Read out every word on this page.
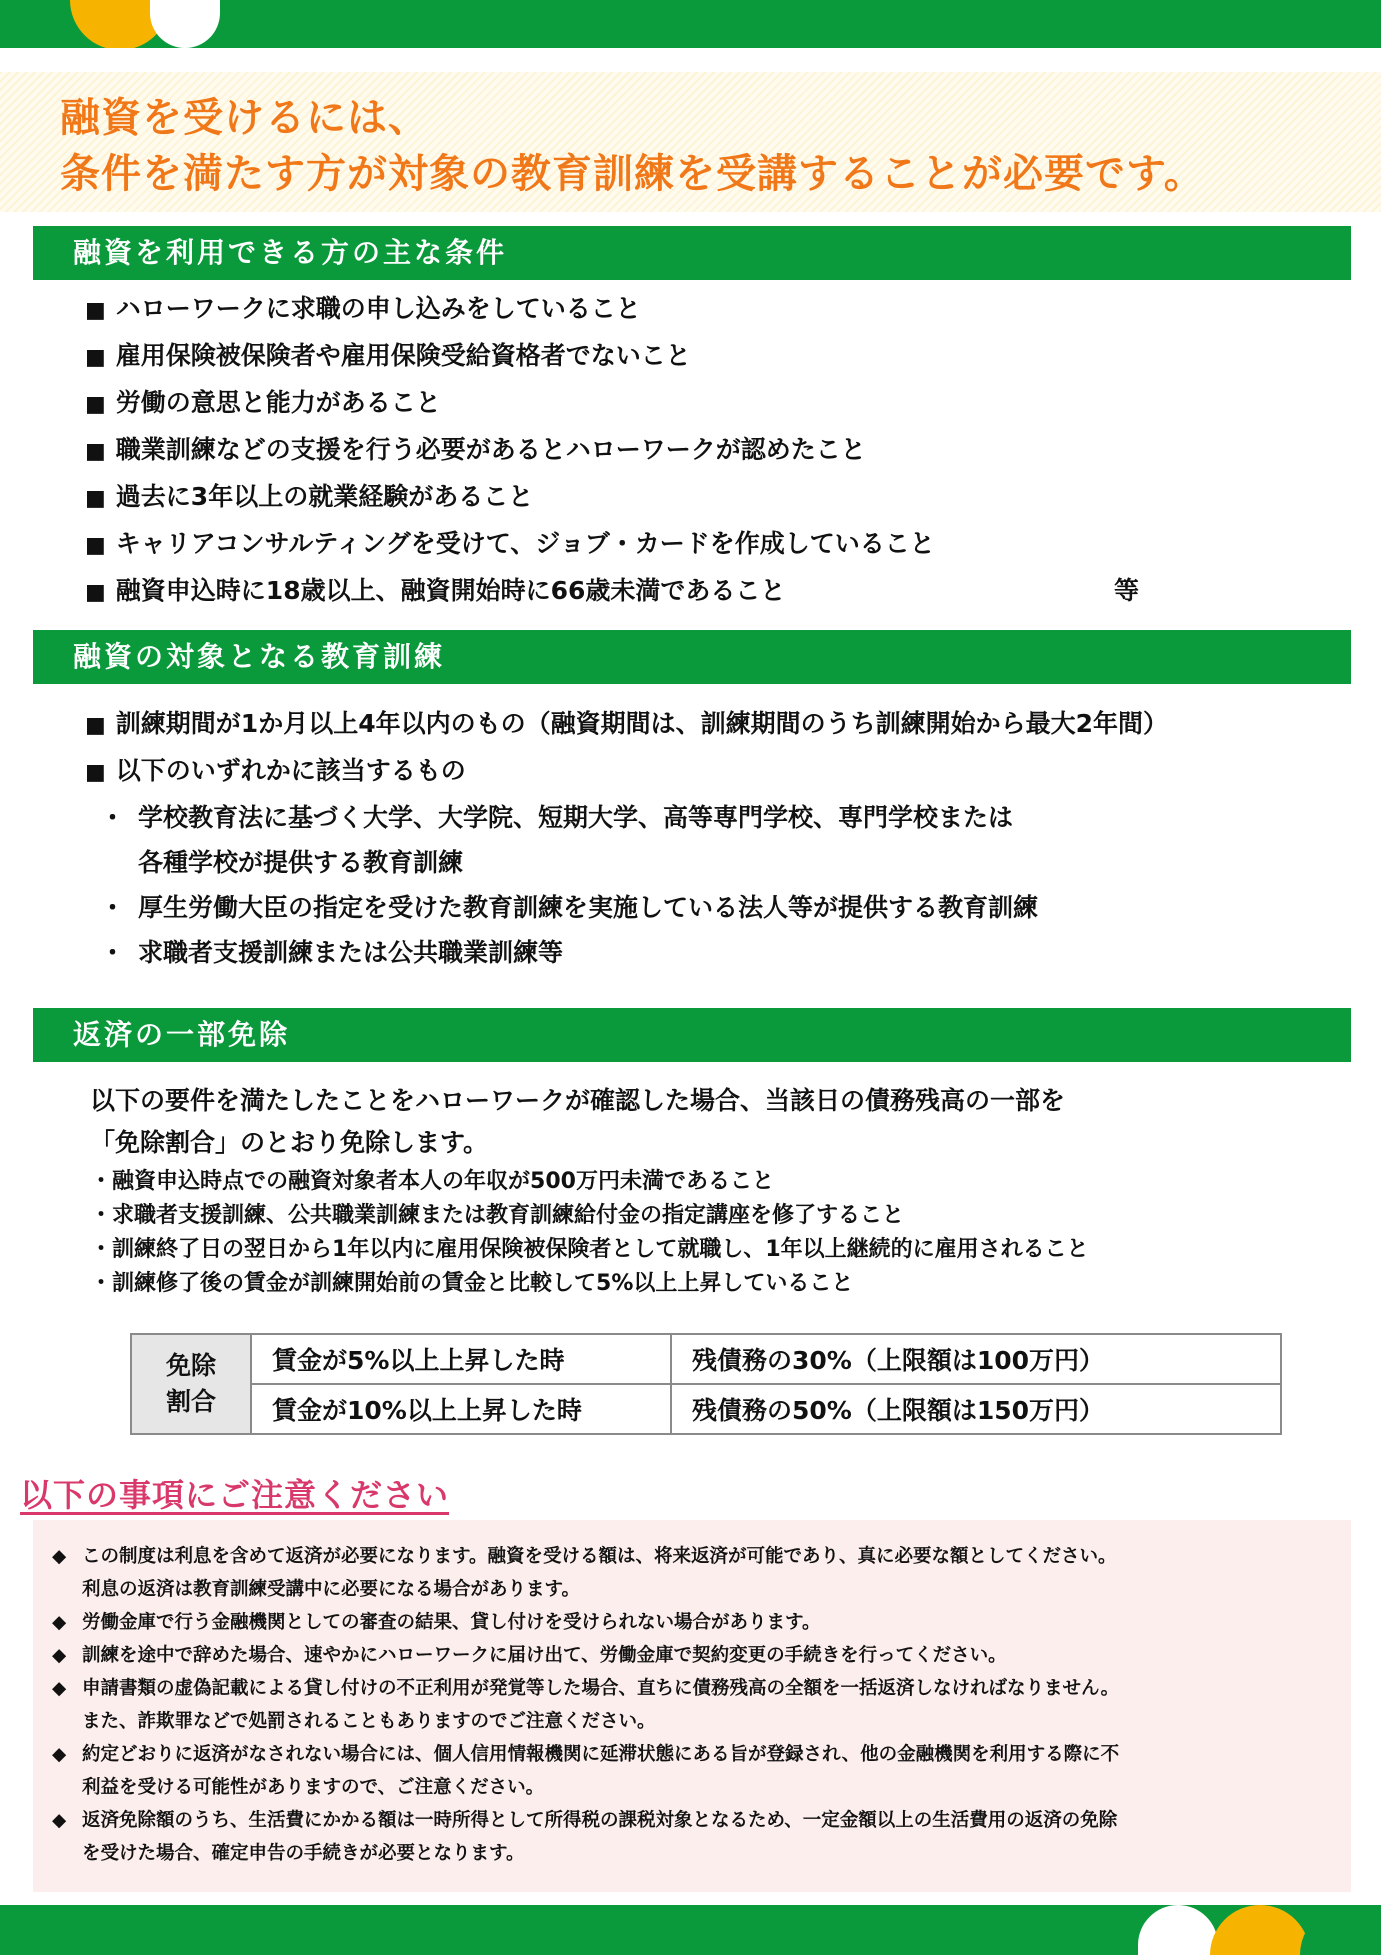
融資を受けるには、
条件を満たす方が対象の教育訓練を受講することが必要です。
融資を利用できる方の主な条件
■ ハローワークに求職の申し込みをしていること
■ 雇用保険被保険者や雇用保険受給資格者でないこと
■ 労働の意思と能力があること
■ 職業訓練などの支援を行う必要があるとハローワークが認めたこと
■ 過去に3年以上の就業経験があること
■ キャリアコンサルティングを受けて、ジョブ・カードを作成していること
■ 融資申込時に18歳以上、融資開始時に66歳未満であること	等
融資の対象となる教育訓練
■ 訓練期間が1か月以上4年以内のもの（融資期間は、訓練期間のうち訓練開始から最大2年間）
■ 以下のいずれかに該当するもの
・ 学校教育法に基づく大学、大学院、短期大学、高等専門学校、専門学校または
各種学校が提供する教育訓練
・ 厚生労働大臣の指定を受けた教育訓練を実施している法人等が提供する教育訓練
・ 求職者支援訓練または公共職業訓練等
返済の一部免除
以下の要件を満たしたことをハローワークが確認した場合、当該日の債務残高の一部を
「免除割合」のとおり免除します。
・ 融資申込時点での融資対象者本人の年収が500万円未満であること
・ 求職者支援訓練、公共職業訓練または教育訓練給付金の指定講座を修了すること
・ 訓練終了日の翌日から1年以内に雇用保険被保険者として就職し、1年以上継続的に雇用されること
・ 訓練修了後の賃金が訓練開始前の賃金と比較して5%以上上昇していること
免除
割合	賃金が5%以上上昇した時	残債務の30%（上限額は100万円）
	賃金が10%以上上昇した時	残債務の50%（上限額は150万円）
以下の事項にご注意ください
◆ この制度は利息を含めて返済が必要になります。融資を受ける額は、将来返済が可能であり、真に必要な額としてください。
利息の返済は教育訓練受講中に必要になる場合があります。
◆ 労働金庫で行う金融機関としての審査の結果、貸し付けを受けられない場合があります。
◆ 訓練を途中で辞めた場合、速やかにハローワークに届け出て、労働金庫で契約変更の手続きを行ってください。
◆ 申請書類の虚偽記載による貸し付けの不正利用が発覚等した場合、直ちに債務残高の全額を一括返済しなければなりません。
また、詐欺罪などで処罰されることもありますのでご注意ください。
◆ 約定どおりに返済がなされない場合には、個人信用情報機関に延滞状態にある旨が登録され、他の金融機関を利用する際に不
利益を受ける可能性がありますので、ご注意ください。
◆ 返済免除額のうち、生活費にかかる額は一時所得として所得税の課税対象となるため、一定金額以上の生活費用の返済の免除
を受けた場合、確定申告の手続きが必要となります。
